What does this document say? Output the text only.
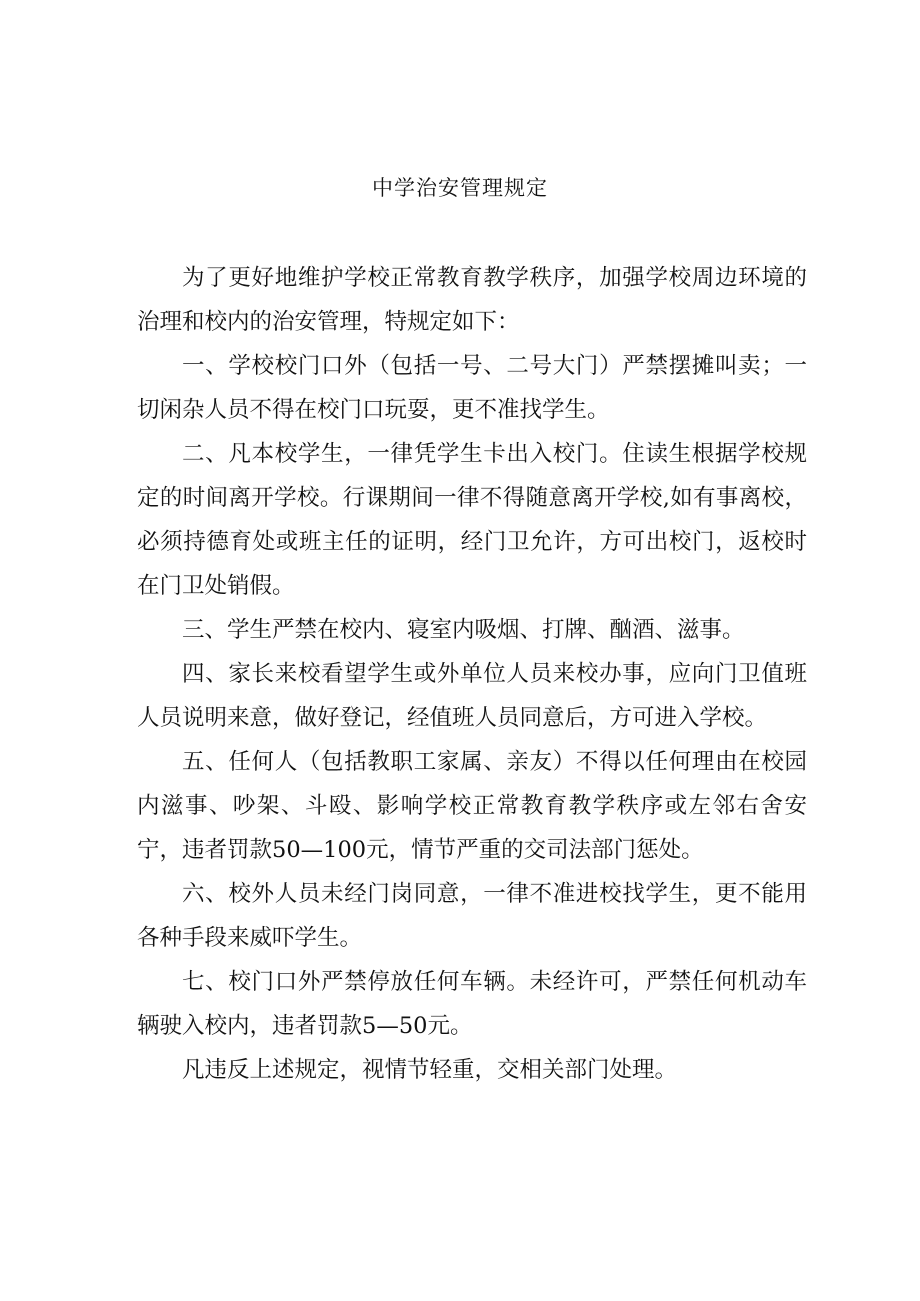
中学治安管理规定

为了更好地维护学校正常教育教学秩序，加强学校周边环境的治理和校内的治安管理，特规定如下：

一、学校校门口外（包括一号、二号大门）严禁摆摊叫卖；一切闲杂人员不得在校门口玩耍，更不准找学生。

二、凡本校学生，一律凭学生卡出入校门。住读生根据学校规定的时间离开学校。行课期间一律不得随意离开学校,如有事离校，必须持德育处或班主任的证明，经门卫允许，方可出校门，返校时在门卫处销假。

三、学生严禁在校内、寝室内吸烟、打牌、酗酒、滋事。

四、家长来校看望学生或外单位人员来校办事，应向门卫值班人员说明来意，做好登记，经值班人员同意后，方可进入学校。

五、任何人（包括教职工家属、亲友）不得以任何理由在校园内滋事、吵架、斗殴、影响学校正常教育教学秩序或左邻右舍安宁，违者罚款50—100元，情节严重的交司法部门惩处。

六、校外人员未经门岗同意，一律不准进校找学生，更不能用各种手段来威吓学生。

七、校门口外严禁停放任何车辆。未经许可，严禁任何机动车辆驶入校内，违者罚款5—50元。

凡违反上述规定，视情节轻重，交相关部门处理。
